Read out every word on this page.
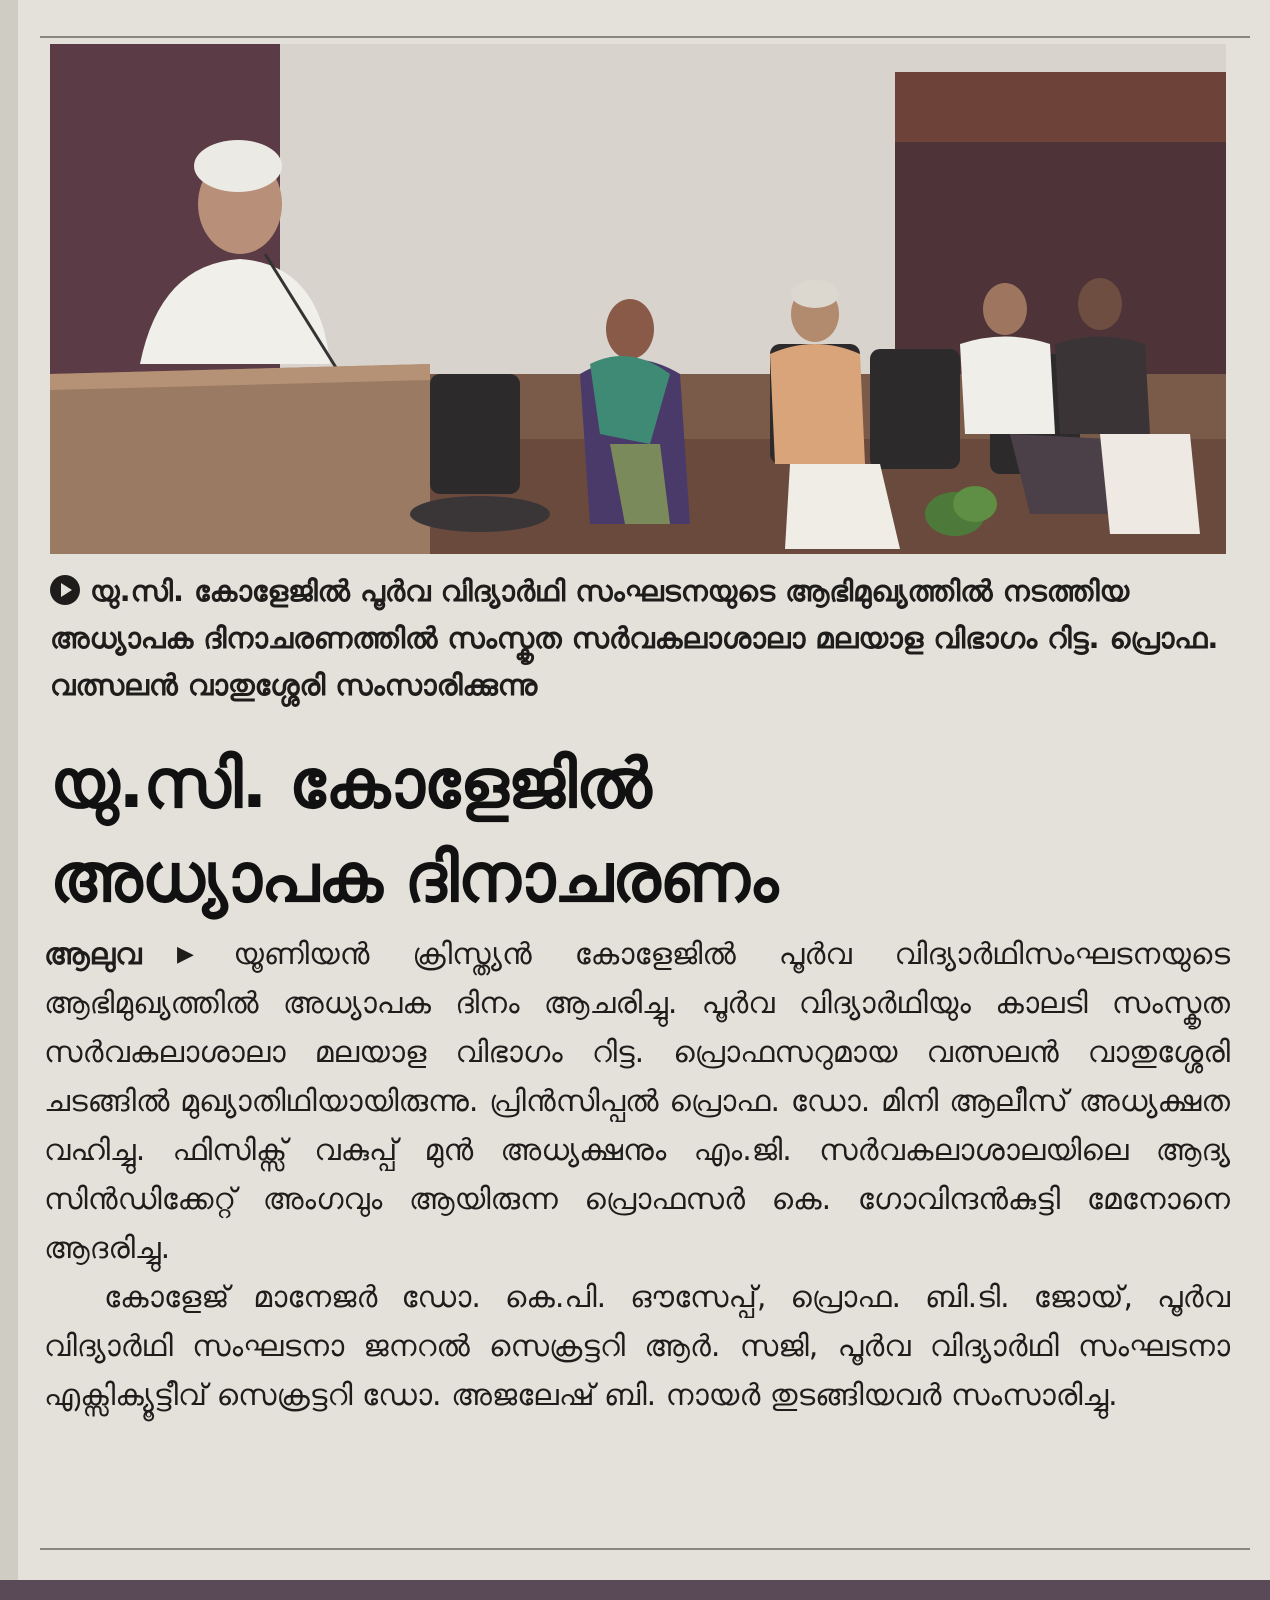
യു.സി. കോളേജിൽ പൂർവ വിദ്യാർഥി സംഘടനയുടെ ആഭിമുഖ്യത്തിൽ നടത്തിയ അധ്യാപക ദിനാചരണത്തിൽ സംസ്കൃത സർവകലാശാലാ മലയാള വിഭാഗം റിട്ട. പ്രൊഫ. വത്സലൻ വാതുശ്ശേരി സംസാരിക്കുന്നു
യു.സി. കോളേജിൽ
അധ്യാപക ദിനാചരണം

ആലുവ▶ യൂണിയൻ ക്രിസ്ത്യൻ കോളേജിൽ പൂർവ വിദ്യാർഥിസംഘടനയുടെ ആഭിമുഖ്യത്തിൽ അധ്യാപക ദിനം ആചരിച്ചു. പൂർവ വിദ്യാർഥിയും കാലടി സംസ്കൃത സർവകലാശാലാ മലയാള വിഭാഗം റിട്ട. പ്രൊഫസറുമായ വത്സലൻ വാതുശ്ശേരി ചടങ്ങിൽ മുഖ്യാതിഥിയായിരുന്നു. പ്രിൻസിപ്പൽ പ്രൊഫ. ഡോ. മിനി ആലീസ് അധ്യക്ഷത വഹിച്ചു. ഫിസിക്സ് വകുപ്പ് മുൻ അധ്യക്ഷനും എം.ജി. സർവകലാശാലയിലെ ആദ്യ സിൻഡിക്കേറ്റ് അംഗവും ആയിരുന്ന പ്രൊഫസർ കെ. ഗോവിന്ദൻകുട്ടി മേനോനെ ആദരിച്ചു.

കോളേജ് മാനേജർ ഡോ. കെ.പി. ഔസേപ്പ്, പ്രൊഫ. ബി.ടി. ജോയ്, പൂർവ വിദ്യാർഥി സംഘടനാ ജനറൽ സെക്രട്ടറി ആർ. സജി, പൂർവ വിദ്യാർഥി സംഘടനാ എക്സിക്യൂട്ടീവ് സെക്രട്ടറി ഡോ. അജലേഷ് ബി. നായർ തുടങ്ങിയവർ സംസാരിച്ചു.
